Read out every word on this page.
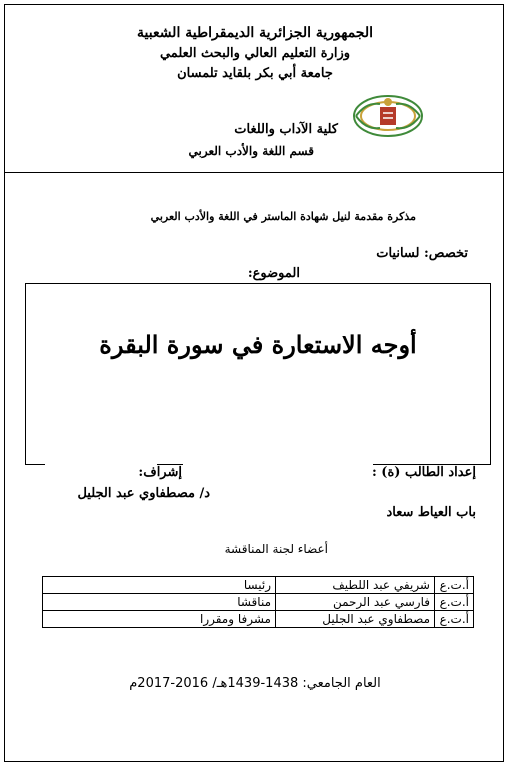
الجمهورية الجزائرية الديمقراطية الشعبية
وزارة التعليم العالي والبحث العلمي
جامعة أبي بكر بلقايد تلمسان
كلية الآداب واللغات
قسم اللغة والأدب العربي
مذكرة مقدمة لنيل شهادة الماستر في اللغة والأدب العربي
تخصص: لسانيات
الموضوع:
أوجه الاستعارة في سورة البقرة
إعداد الطالب (ة) :
إشراف:
د/ مصطفاوي عبد الجليل
باب العياط سعاد
أعضاء لجنة المناقشة
أ.ت.ع	شريفي عبد اللطيف	رئيسا
أ.ت.ع	فارسي عبد الرحمن	مناقشا
أ.ت.ع	مصطفاوي عبد الجليل	مشرفا ومقررا
العام الجامعي: 1438-1439هـ/ 2016-2017م
